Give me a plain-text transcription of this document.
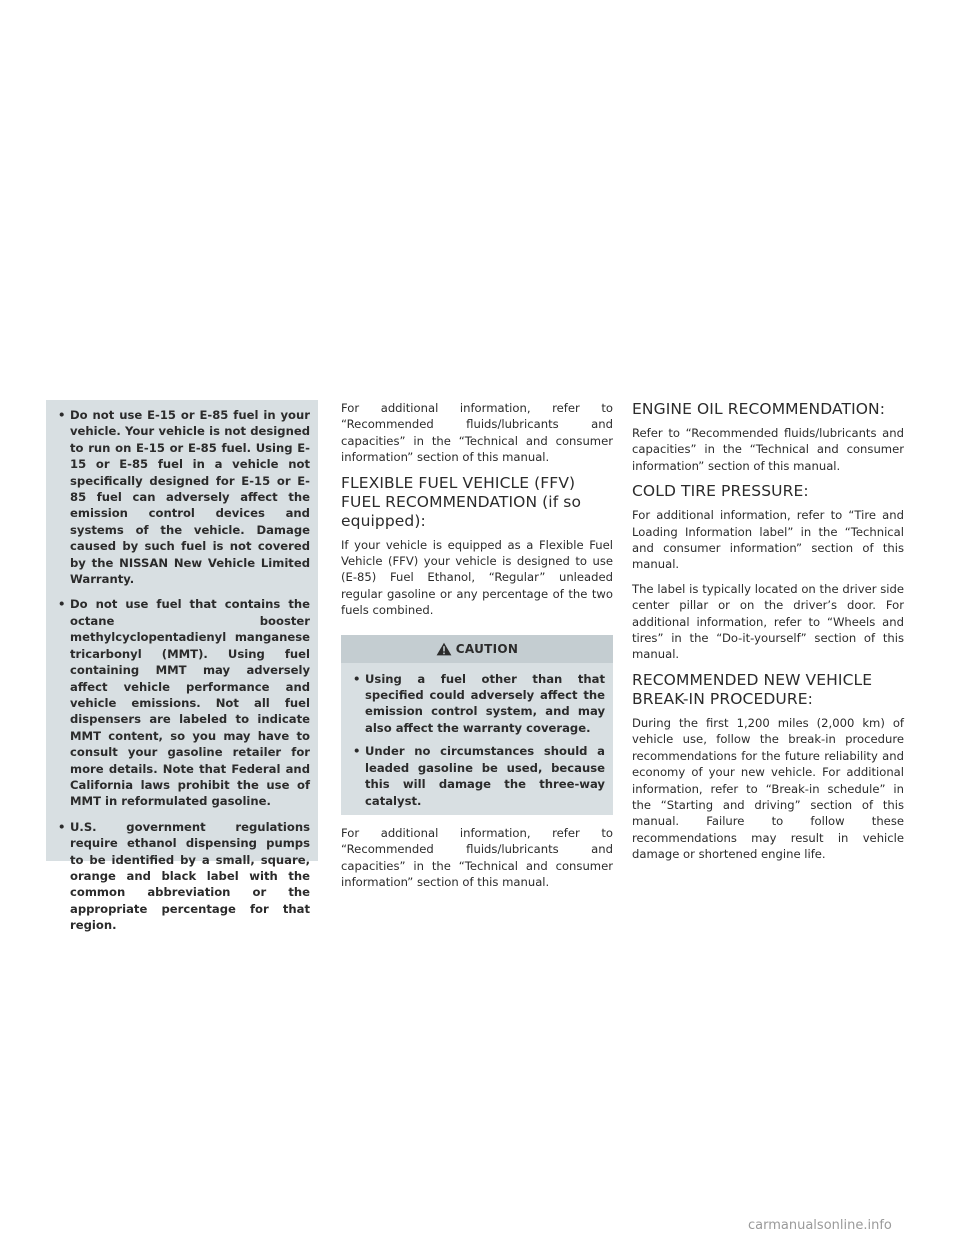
• Do not use E-15 or E-85 fuel in your vehicle. Your vehicle is not designed to run on E-15 or E-85 fuel. Using E-15 or E-85 fuel in a vehicle not specifically designed for E-15 or E-85 fuel can adversely affect the emission control devices and systems of the vehicle. Damage caused by such fuel is not covered by the NISSAN New Vehicle Limited Warranty.
• Do not use fuel that contains the octane booster methylcyclopentadienyl manganese tricarbonyl (MMT). Using fuel containing MMT may adversely affect vehicle performance and vehicle emissions. Not all fuel dispensers are labeled to indicate MMT content, so you may have to consult your gasoline retailer for more details. Note that Federal and California laws prohibit the use of MMT in reformulated gasoline.
• U.S. government regulations require ethanol dispensing pumps to be identified by a small, square, orange and black label with the common abbreviation or the appropriate percentage for that region.

For additional information, refer to “Recommended fluids/lubricants and capacities” in the “Technical and consumer information” section of this manual.

FLEXIBLE FUEL VEHICLE (FFV) FUEL RECOMMENDATION (if so equipped):

If your vehicle is equipped as a Flexible Fuel Vehicle (FFV) your vehicle is designed to use (E-85) Fuel Ethanol, “Regular” unleaded regular gasoline or any percentage of the two fuels combined.

CAUTION
• Using a fuel other than that specified could adversely affect the emission control system, and may also affect the warranty coverage.
• Under no circumstances should a leaded gasoline be used, because this will damage the three-way catalyst.

For additional information, refer to “Recommended fluids/lubricants and capacities” in the “Technical and consumer information” section of this manual.

ENGINE OIL RECOMMENDATION:

Refer to “Recommended fluids/lubricants and capacities” in the “Technical and consumer information” section of this manual.

COLD TIRE PRESSURE:

For additional information, refer to “Tire and Loading Information label” in the “Technical and consumer information” section of this manual.

The label is typically located on the driver side center pillar or on the driver’s door. For additional information, refer to “Wheels and tires” in the “Do-it-yourself” section of this manual.

RECOMMENDED NEW VEHICLE BREAK-IN PROCEDURE:

During the first 1,200 miles (2,000 km) of vehicle use, follow the break-in procedure recommendations for the future reliability and economy of your new vehicle. For additional information, refer to “Break-in schedule” in the “Starting and driving” section of this manual. Failure to follow these recommendations may result in vehicle damage or shortened engine life.

carmanualsonline.info
